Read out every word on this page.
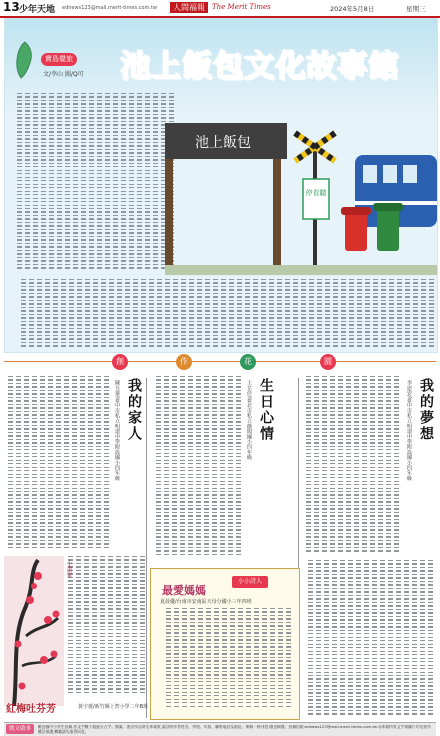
13 少年天地 ednews123@mail.merit-times.com.tw	人間福報	The Merit Times	2024年5月8日	星期三
寶島覺旅
文/李山 圖/Q可 池上飯包文化故事館
池上飯包
停看聽
創	作	花	園
我的夢想
李恩安/臺中市私立明道中學附設國小四年級
生日心情
王芷佳/臺北市私立薇閣國小四年級
我的家人
陳昱蓁/臺中市私立明道中學附設國小四年級
最愛媽媽
小小詩人
夏晨優/台南市安南區天母分國小三年四班
小畫家
紅梅吐芬芳	黃宇蓮/新竹縣上智小學二年B班
徵文啟事	歡迎國中小學生投稿,作文字數不超過五百字。繪畫、書法作品寄至本報收,請註明作者姓名、學校、年級、聯絡電話及地址。來稿一經刊登,贈送稿費。投稿信箱:ednews123@mail.merit-times.com.tw ◎本報所有文字與圖片均受著作權法保護,轉載請先取得同意。
